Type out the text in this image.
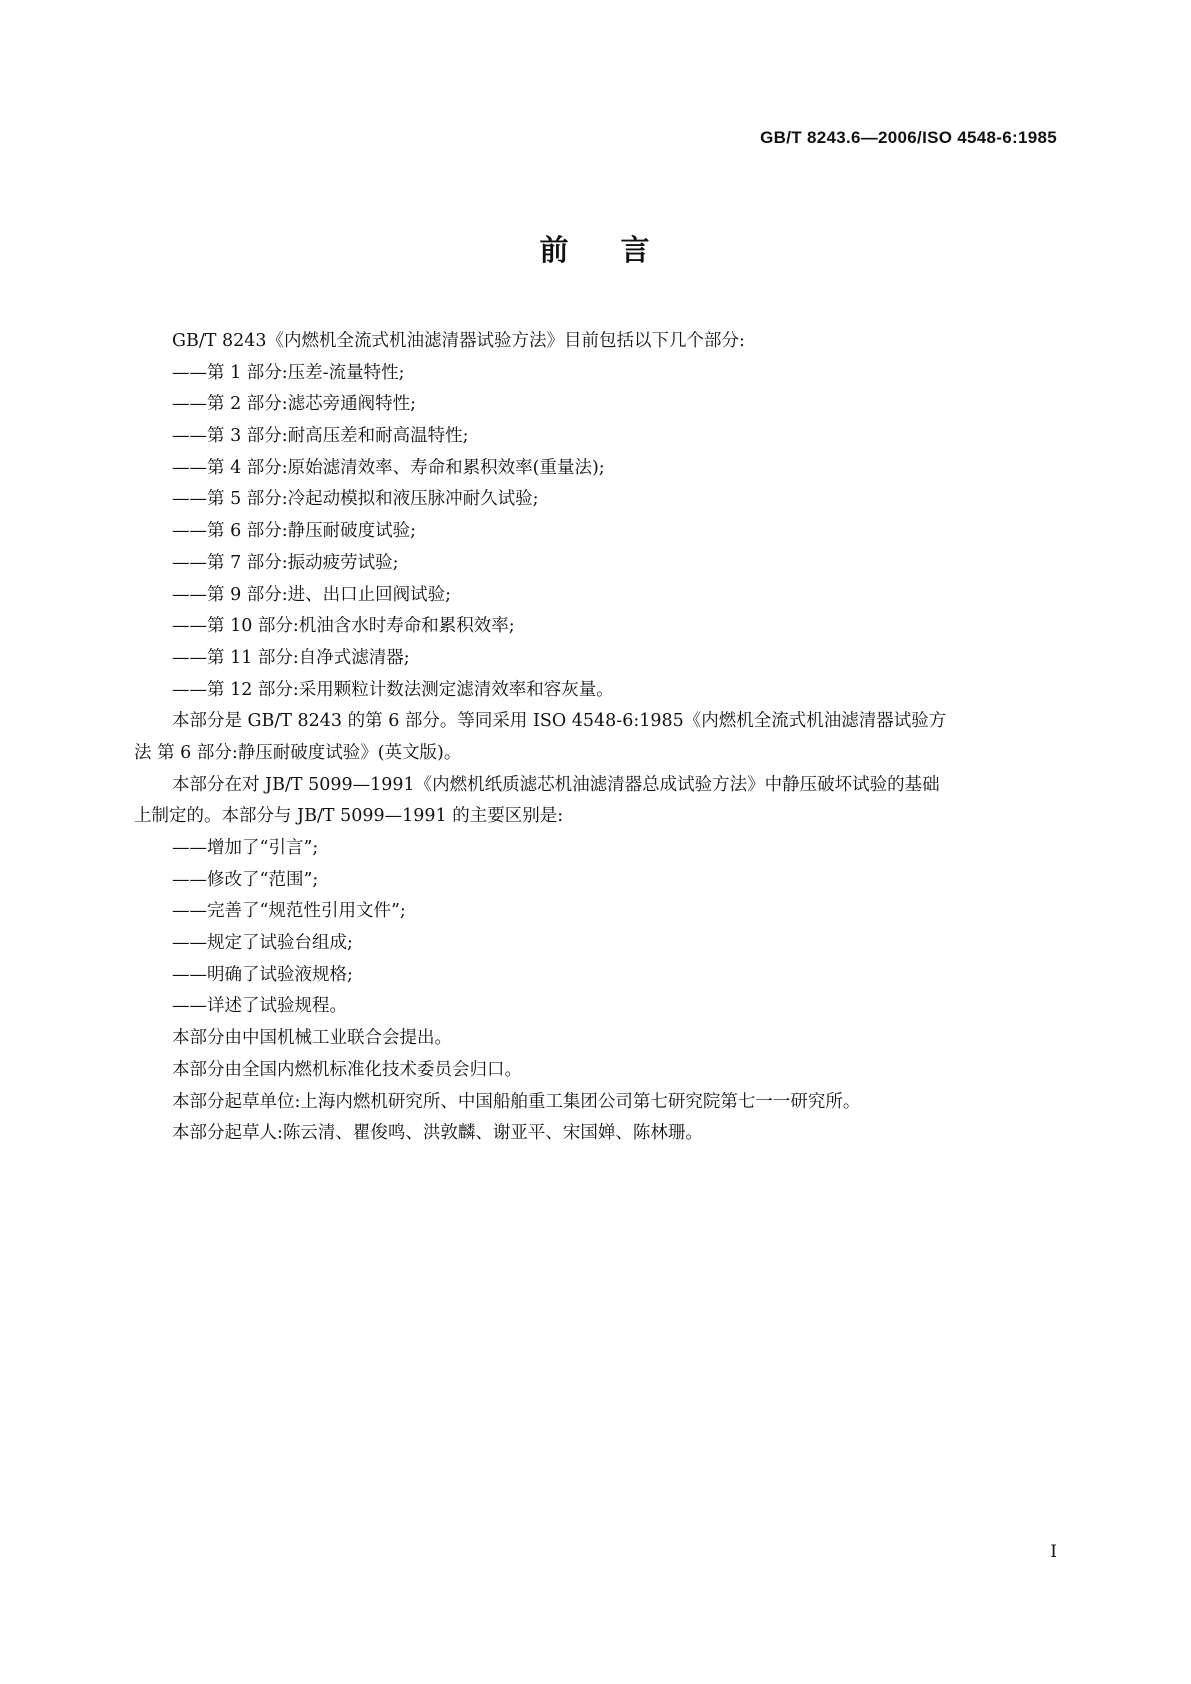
GB/T 8243.6—2006/ISO 4548-6:1985
前 言
GB/T 8243《内燃机全流式机油滤清器试验方法》目前包括以下几个部分:
——第 1 部分:压差-流量特性;
——第 2 部分:滤芯旁通阀特性;
——第 3 部分:耐高压差和耐高温特性;
——第 4 部分:原始滤清效率、寿命和累积效率(重量法);
——第 5 部分:冷起动模拟和液压脉冲耐久试验;
——第 6 部分:静压耐破度试验;
——第 7 部分:振动疲劳试验;
——第 9 部分:进、出口止回阀试验;
——第 10 部分:机油含水时寿命和累积效率;
——第 11 部分:自净式滤清器;
——第 12 部分:采用颗粒计数法测定滤清效率和容灰量。
本部分是 GB/T 8243 的第 6 部分。等同采用 ISO 4548-6:1985《内燃机全流式机油滤清器试验方
法 第 6 部分:静压耐破度试验》(英文版)。
本部分在对 JB/T 5099—1991《内燃机纸质滤芯机油滤清器总成试验方法》中静压破坏试验的基础
上制定的。本部分与 JB/T 5099—1991 的主要区别是:
——增加了“引言”;
——修改了“范围”;
——完善了“规范性引用文件”;
——规定了试验台组成;
——明确了试验液规格;
——详述了试验规程。
本部分由中国机械工业联合会提出。
本部分由全国内燃机标准化技术委员会归口。
本部分起草单位:上海内燃机研究所、中国船舶重工集团公司第七研究院第七一一研究所。
本部分起草人:陈云清、瞿俊鸣、洪敦麟、谢亚平、宋国婵、陈林珊。
I
